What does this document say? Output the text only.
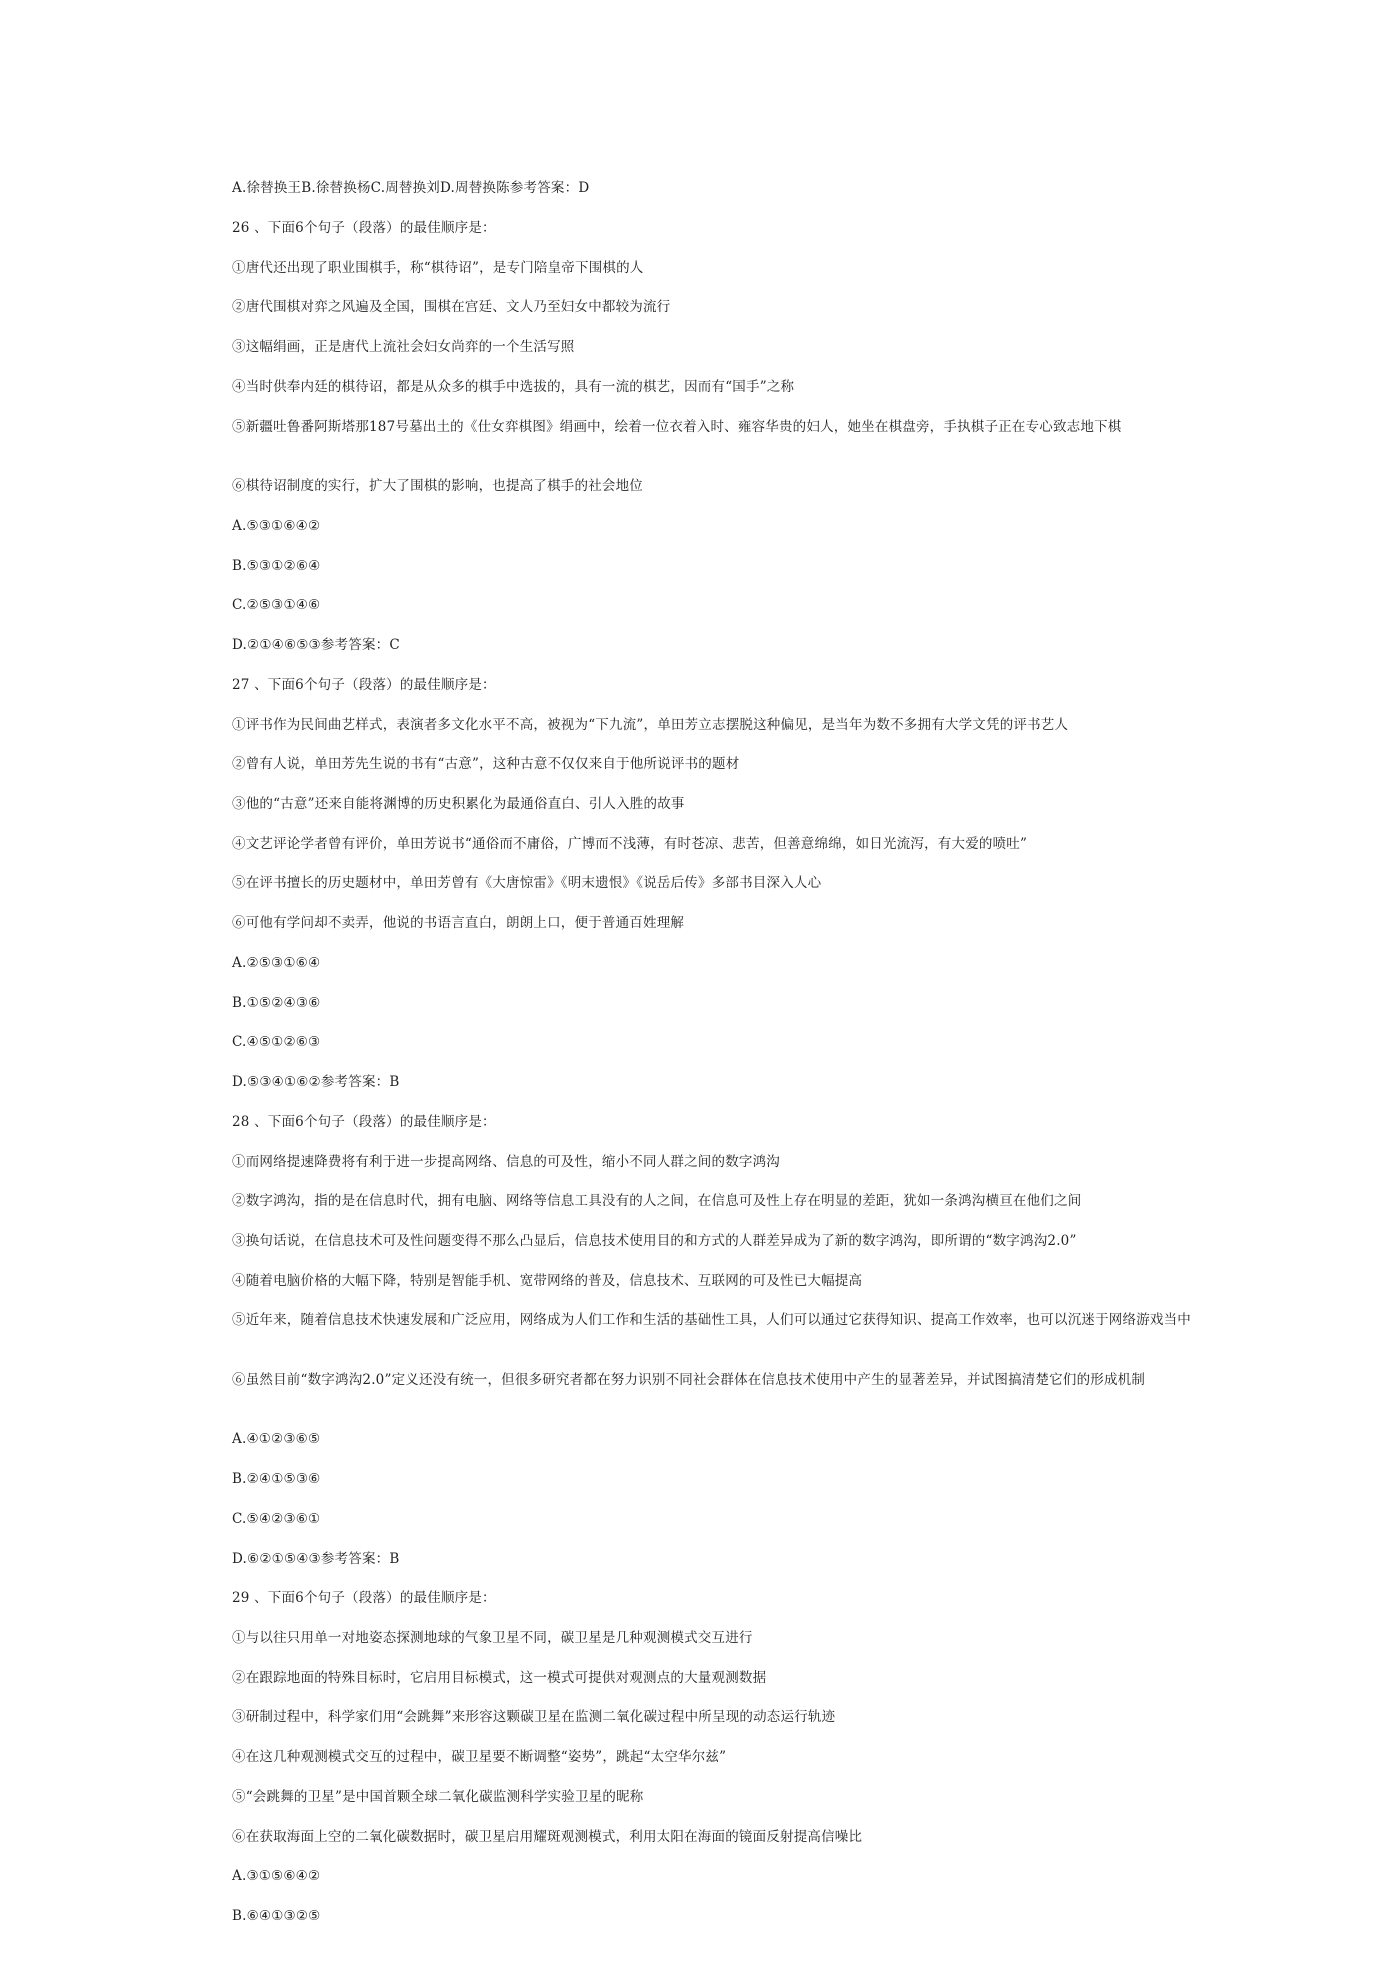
A.徐替换王B.徐替换杨C.周替换刘D.周替换陈参考答案：D
26 、下面6个句子（段落）的最佳顺序是：
①唐代还出现了职业围棋手，称“棋待诏”，是专门陪皇帝下围棋的人
②唐代围棋对弈之风遍及全国，围棋在宫廷、文人乃至妇女中都较为流行
③这幅绢画，正是唐代上流社会妇女尚弈的一个生活写照
④当时供奉内廷的棋待诏，都是从众多的棋手中选拔的，具有一流的棋艺，因而有“国手”之称
⑤新疆吐鲁番阿斯塔那187号墓出土的《仕女弈棋图》绢画中，绘着一位衣着入时、雍容华贵的妇人，她坐在棋盘旁，手执棋子正在专心致志地下棋
⑥棋待诏制度的实行，扩大了围棋的影响，也提高了棋手的社会地位
A.⑤③①⑥④②
B.⑤③①②⑥④
C.②⑤③①④⑥
D.②①④⑥⑤③参考答案：C
27 、下面6个句子（段落）的最佳顺序是：
①评书作为民间曲艺样式，表演者多文化水平不高，被视为“下九流”，单田芳立志摆脱这种偏见，是当年为数不多拥有大学文凭的评书艺人
②曾有人说，单田芳先生说的书有“古意”，这种古意不仅仅来自于他所说评书的题材
③他的“古意”还来自能将渊博的历史积累化为最通俗直白、引人入胜的故事
④文艺评论学者曾有评价，单田芳说书“通俗而不庸俗，广博而不浅薄，有时苍凉、悲苦，但善意绵绵，如日光流泻，有大爱的喷吐”
⑤在评书擅长的历史题材中，单田芳曾有《大唐惊雷》《明末遗恨》《说岳后传》多部书目深入人心
⑥可他有学问却不卖弄，他说的书语言直白，朗朗上口，便于普通百姓理解
A.②⑤③①⑥④
B.①⑤②④③⑥
C.④⑤①②⑥③
D.⑤③④①⑥②参考答案：B
28 、下面6个句子（段落）的最佳顺序是：
①而网络提速降费将有利于进一步提高网络、信息的可及性，缩小不同人群之间的数字鸿沟
②数字鸿沟，指的是在信息时代，拥有电脑、网络等信息工具没有的人之间，在信息可及性上存在明显的差距，犹如一条鸿沟横亘在他们之间
③换句话说，在信息技术可及性问题变得不那么凸显后，信息技术使用目的和方式的人群差异成为了新的数字鸿沟，即所谓的“数字鸿沟2.0”
④随着电脑价格的大幅下降，特别是智能手机、宽带网络的普及，信息技术、互联网的可及性已大幅提高
⑤近年来，随着信息技术快速发展和广泛应用，网络成为人们工作和生活的基础性工具，人们可以通过它获得知识、提高工作效率，也可以沉迷于网络游戏当中
⑥虽然目前“数字鸿沟2.0”定义还没有统一，但很多研究者都在努力识别不同社会群体在信息技术使用中产生的显著差异，并试图搞清楚它们的形成机制
A.④①②③⑥⑤
B.②④①⑤③⑥
C.⑤④②③⑥①
D.⑥②①⑤④③参考答案：B
29 、下面6个句子（段落）的最佳顺序是：
①与以往只用单一对地姿态探测地球的气象卫星不同，碳卫星是几种观测模式交互进行
②在跟踪地面的特殊目标时，它启用目标模式，这一模式可提供对观测点的大量观测数据
③研制过程中，科学家们用“会跳舞”来形容这颗碳卫星在监测二氧化碳过程中所呈现的动态运行轨迹
④在这几种观测模式交互的过程中，碳卫星要不断调整“姿势”，跳起“太空华尔兹”
⑤“会跳舞的卫星”是中国首颗全球二氧化碳监测科学实验卫星的昵称
⑥在获取海面上空的二氧化碳数据时，碳卫星启用耀斑观测模式，利用太阳在海面的镜面反射提高信噪比
A.③①⑤⑥④②
B.⑥④①③②⑤
